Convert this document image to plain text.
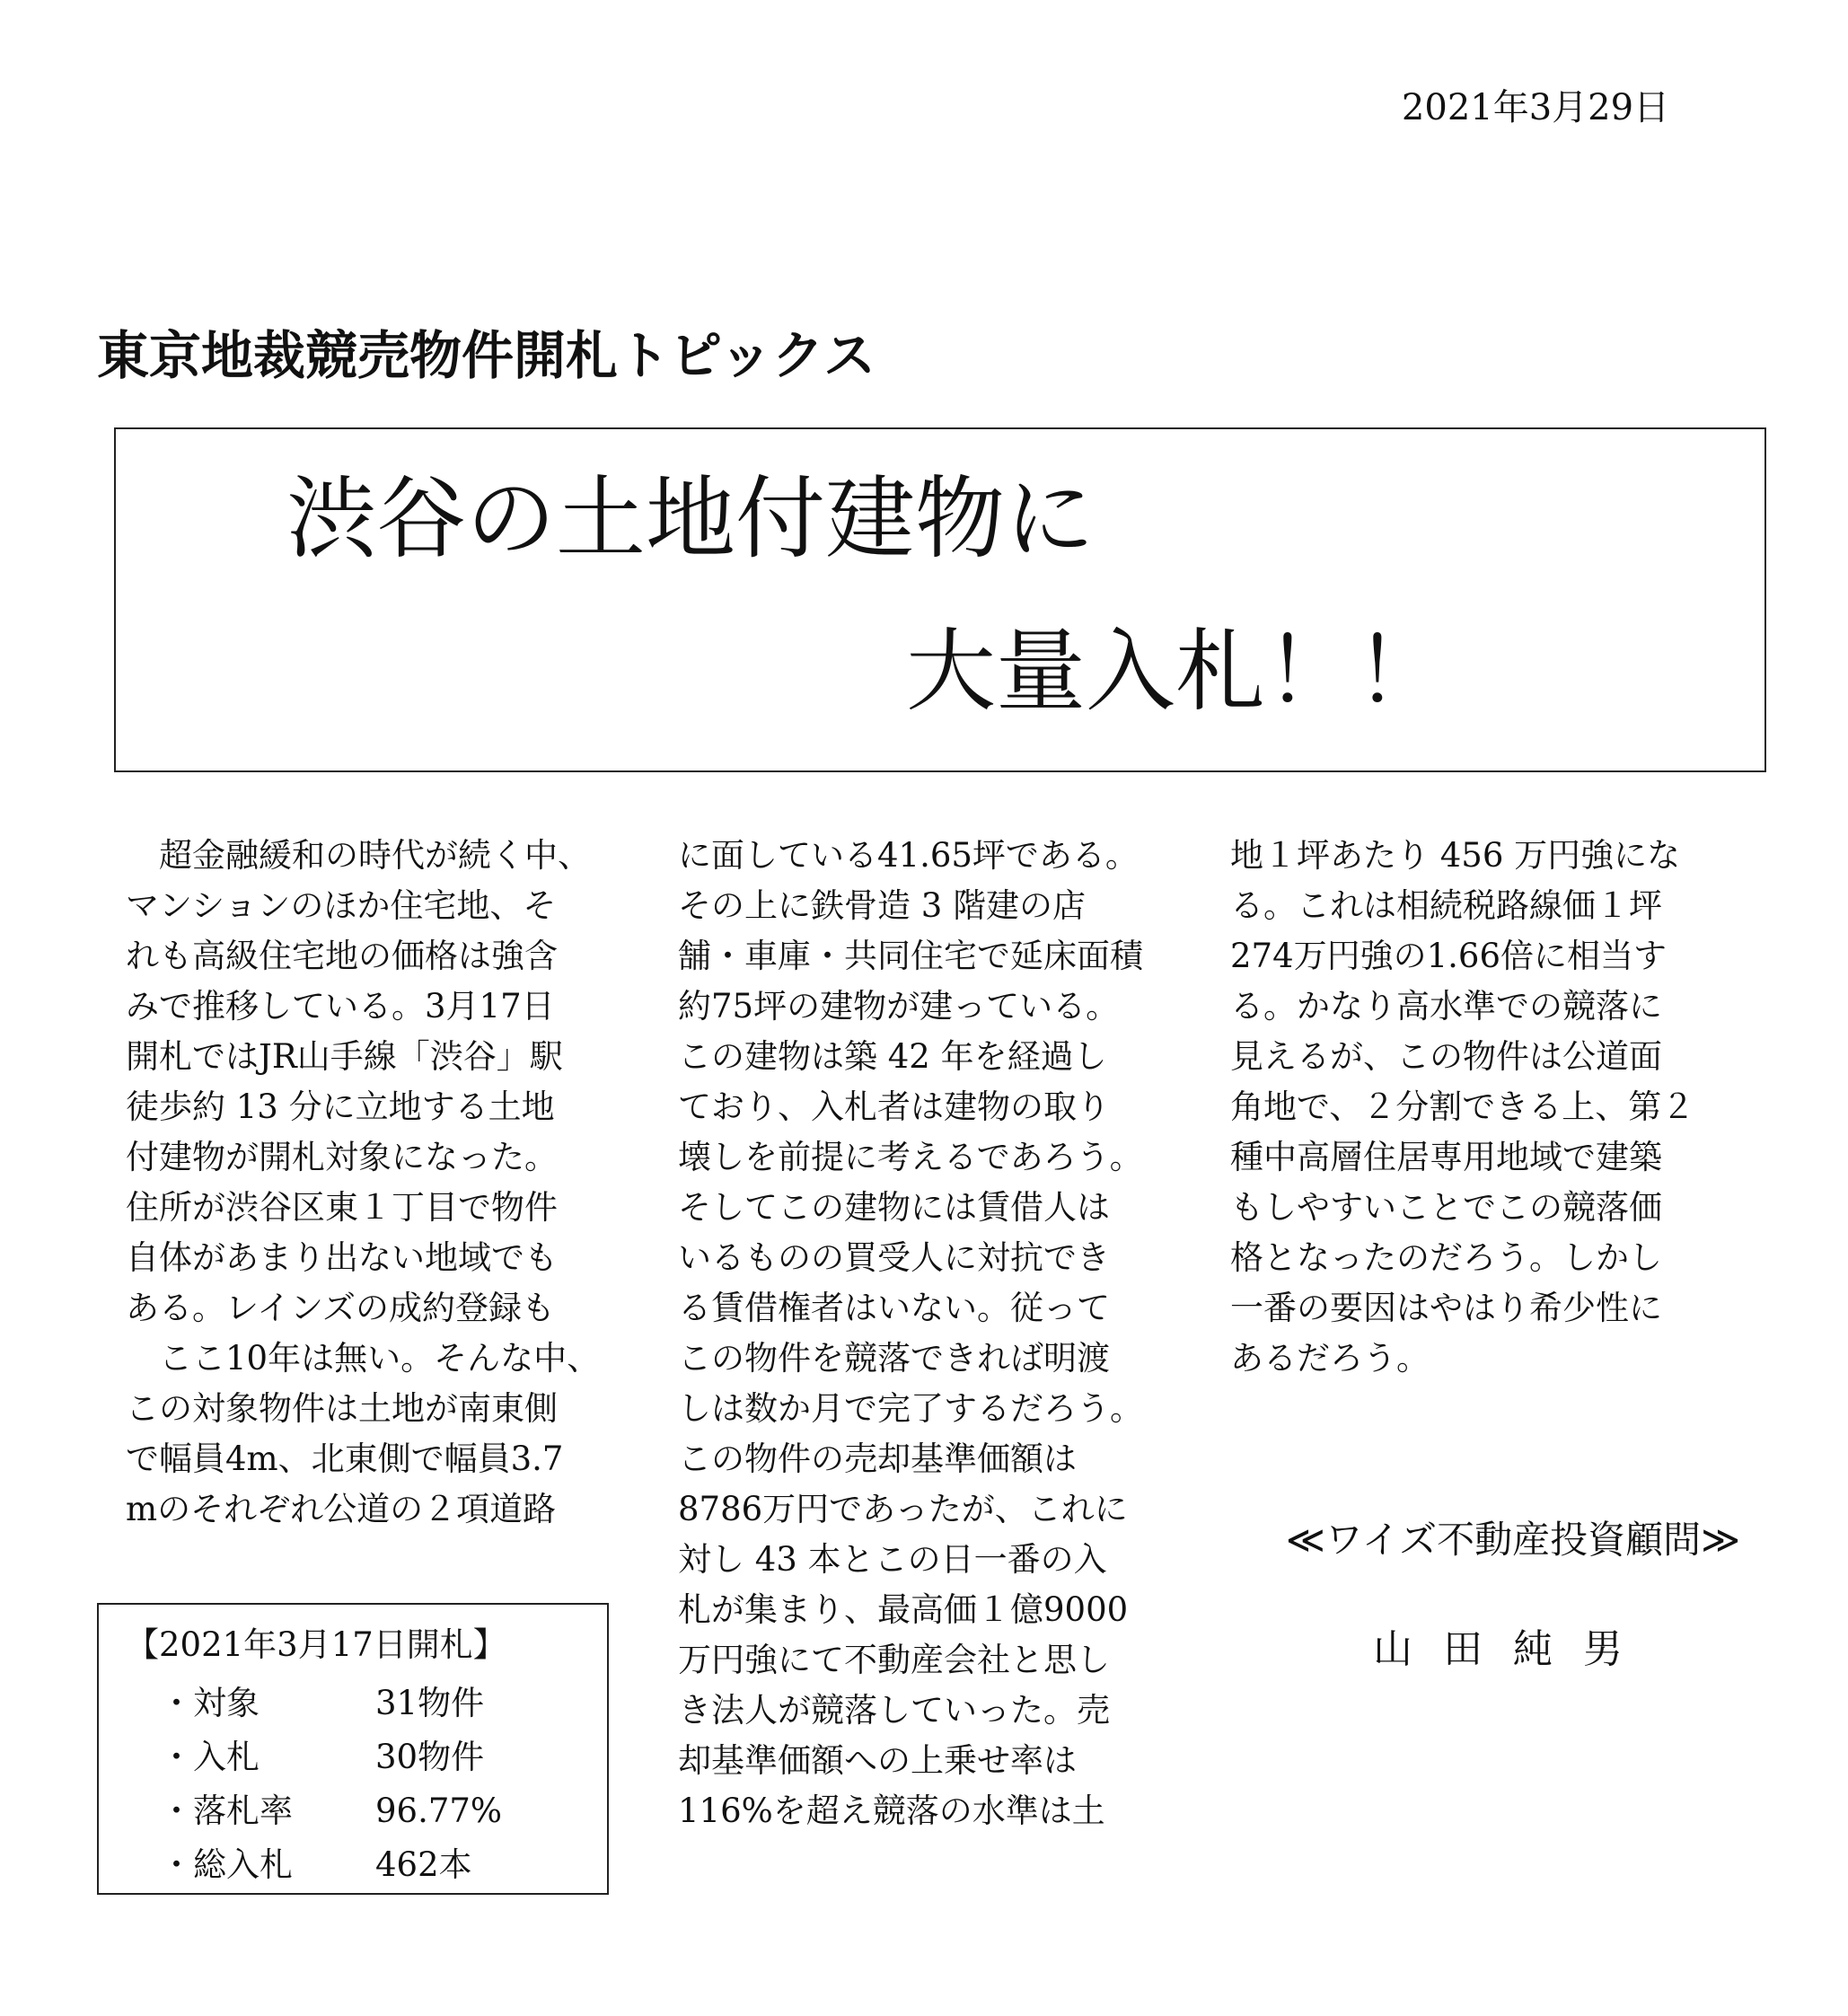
2021年3月29日
東京地裁競売物件開札トピックス
渋谷の土地付建物に
大量入札！！
　超金融緩和の時代が続く中、
マンションのほか住宅地、そ
れも高級住宅地の価格は強含
みで推移している。3月17日
開札ではJR山手線「渋谷」駅
徒歩約 13 分に立地する土地
付建物が開札対象になった。
住所が渋谷区東１丁目で物件
自体があまり出ない地域でも
ある。レインズの成約登録も
　ここ10年は無い。そんな中、
この対象物件は土地が南東側
で幅員4m、北東側で幅員3.7
mのそれぞれ公道の２項道路
に面している41.65坪である。
その上に鉄骨造 3 階建の店
舗・車庫・共同住宅で延床面積
約75坪の建物が建っている。
この建物は築 42 年を経過し
ており、入札者は建物の取り
壊しを前提に考えるであろう。
そしてこの建物には賃借人は
いるものの買受人に対抗でき
る賃借権者はいない。従って
この物件を競落できれば明渡
しは数か月で完了するだろう。
この物件の売却基準価額は
8786万円であったが、これに
対し 43 本とこの日一番の入
札が集まり、最高価１億9000
万円強にて不動産会社と思し
き法人が競落していった。売
却基準価額への上乗せ率は
116%を超え競落の水準は土
地１坪あたり 456 万円強にな
る。これは相続税路線価１坪
274万円強の1.66倍に相当す
る。かなり高水準での競落に
見えるが、この物件は公道面
角地で、２分割できる上、第２
種中高層住居専用地域で建築
もしやすいことでこの競落価
格となったのだろう。しかし
一番の要因はやはり希少性に
あるだろう。
【2021年3月17日開札】
・対象	31物件
・入札	30物件
・落札率 96.77%
・総入札 462本
≪ワイズ不動産投資顧問≫
山田純男
